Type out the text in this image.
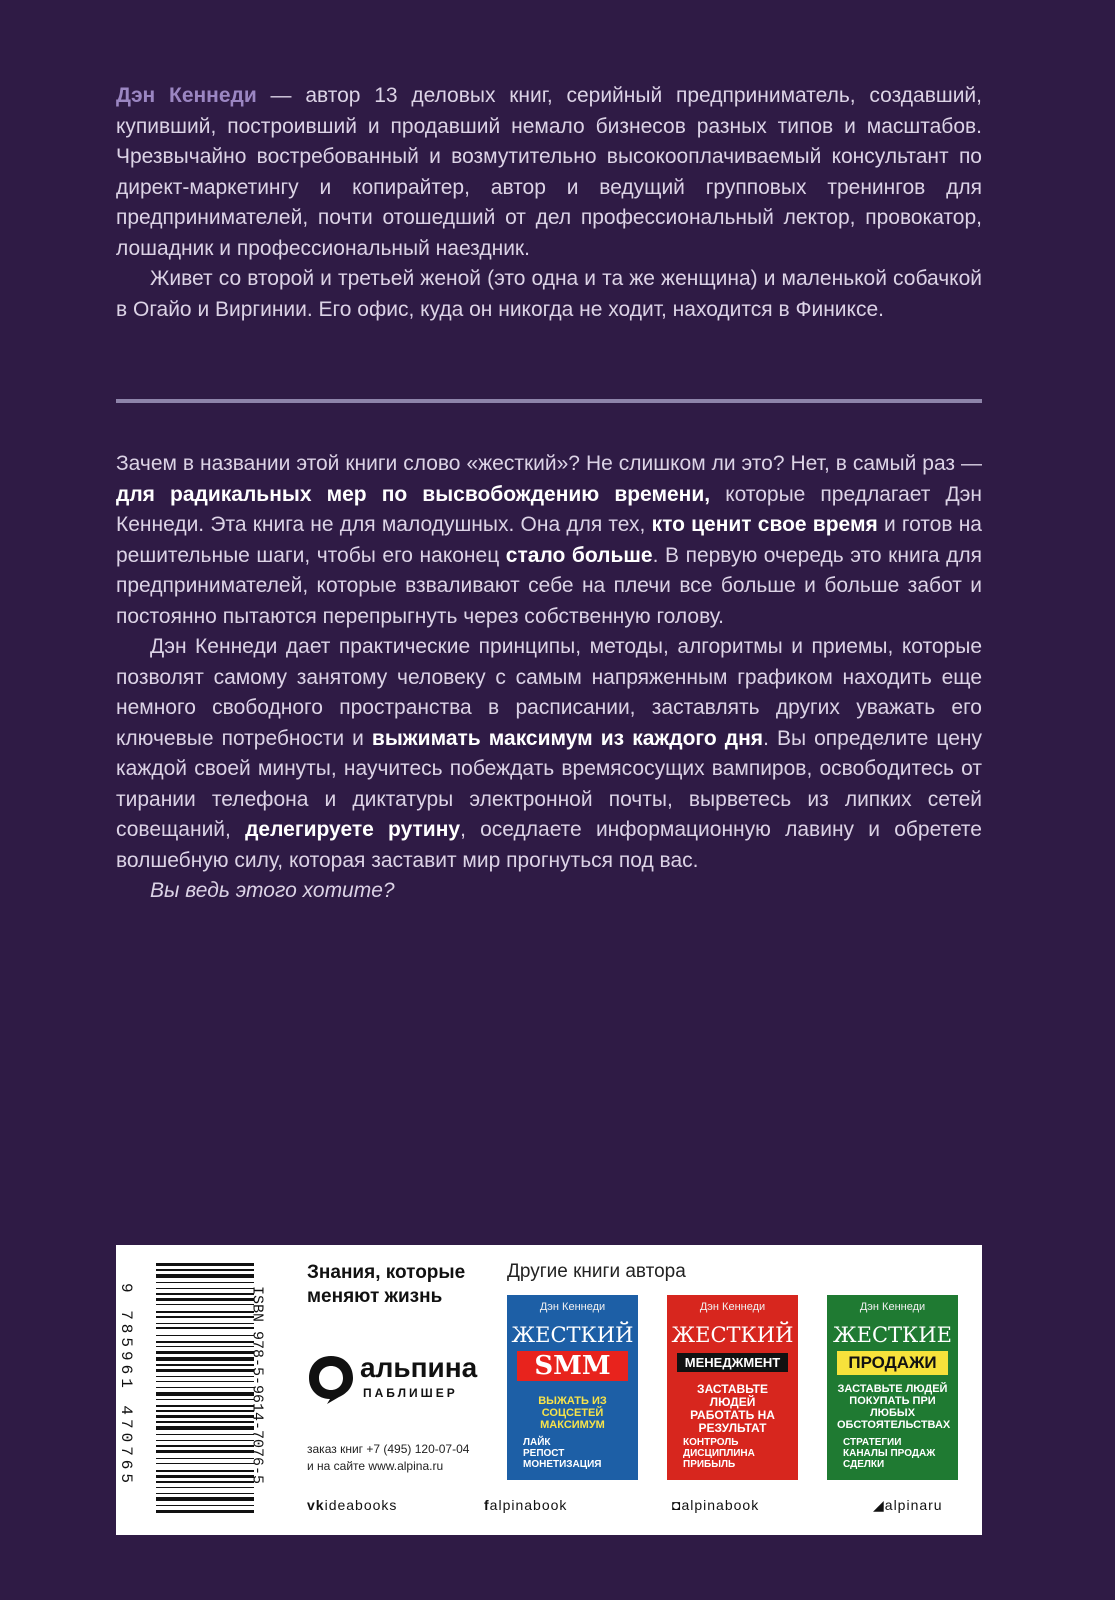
Дэн Кеннеди — автор 13 деловых книг, серийный предприниматель, создавший, купивший, построивший и продавший немало бизнесов разных типов и масштабов. Чрезвычайно востребованный и возмутительно высокооплачиваемый консультант по директ-маркетингу и копирайтер, автор и ведущий групповых тренингов для предпринимателей, почти отошедший от дел профессиональный лектор, провокатор, лошадник и профессиональный наездник.

Живет со второй и третьей женой (это одна и та же женщина) и маленькой собачкой в Огайо и Виргинии. Его офис, куда он никогда не ходит, находится в Финиксе.

Зачем в названии этой книги слово «жесткий»? Не слишком ли это? Нет, в самый раз — для радикальных мер по высвобождению времени, которые предлагает Дэн Кеннеди. Эта книга не для малодушных. Она для тех, кто ценит свое время и готов на решительные шаги, чтобы его наконец стало больше. В первую очередь это книга для предпринимателей, которые взваливают себе на плечи все больше и больше забот и постоянно пытаются перепрыгнуть через собственную голову.

Дэн Кеннеди дает практические принципы, методы, алгоритмы и приемы, которые позволят самому занятому человеку с самым напряженным графиком находить еще немного свободного пространства в расписании, заставлять других уважать его ключевые потребности и выжимать максимум из каждого дня. Вы определите цену каждой своей минуты, научитесь побеждать времясосущих вампиров, освободитесь от тирании телефона и диктатуры электронной почты, вырветесь из липких сетей совещаний, делегируете рутину, оседлаете информационную лавину и обретете волшебную силу, которая заставит мир прогнуться под вас.

Вы ведь этого хотите?

ISBN 978-5-9614-7076-5
9 785961 470765
Знания, которые меняют жизнь
альпина
ПАБЛИШЕР
заказ книг +7 (495) 120-07-04
и на сайте www.alpina.ru
Другие книги автора
Дэн Кеннеди
ЖЕСТКИЙ
SMM
ВЫЖАТЬ ИЗ СОЦСЕТЕЙ МАКСИМУМ
ЛАЙК
РЕПОСТ
МОНЕТИЗАЦИЯ
Дэн Кеннеди
ЖЕСТКИЙ
МЕНЕДЖМЕНТ
ЗАСТАВЬТЕ ЛЮДЕЙ РАБОТАТЬ НА РЕЗУЛЬТАТ
КОНТРОЛЬ
ДИСЦИПЛИНА
ПРИБЫЛЬ
Дэн Кеннеди
ЖЕСТКИЕ
ПРОДАЖИ
ЗАСТАВЬТЕ ЛЮДЕЙ ПОКУПАТЬ ПРИ ЛЮБЫХ ОБСТОЯТЕЛЬСТВАХ
СТРАТЕГИИ
КАНАЛЫ ПРОДАЖ
СДЕЛКИ
vkideabooks	falpinabook	◘alpinabook	◢alpinaru
